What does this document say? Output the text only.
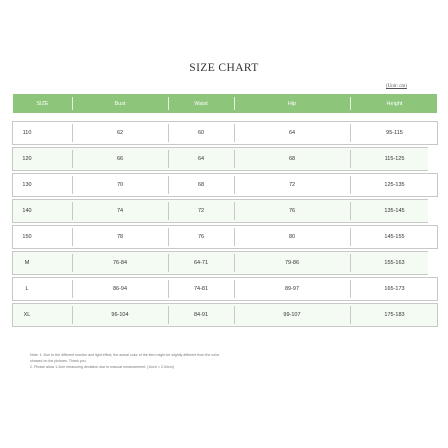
SIZE CHART
(Unit: cm)
SIZE	Bust	Waist	Hip	Height
110	62	60	64	95-115
120	66	64	68	115-125
130	70	68	72	125-135
140	74	72	76	135-145
150	78	76	80	145-155
M	76-84	64-71	79-86	155-163
L	86-94	74-81	89-97	165-173
XL	96-104	84-91	99-107	175-183
Note: 1. Due to the different monitor and light effect, the actual color of the item might be slightly different from the color
showed on the pictures. Thank you.
2. Please allow 1-3cm measuring deviation due to manual measurement. (1inch = 2.54cm)
